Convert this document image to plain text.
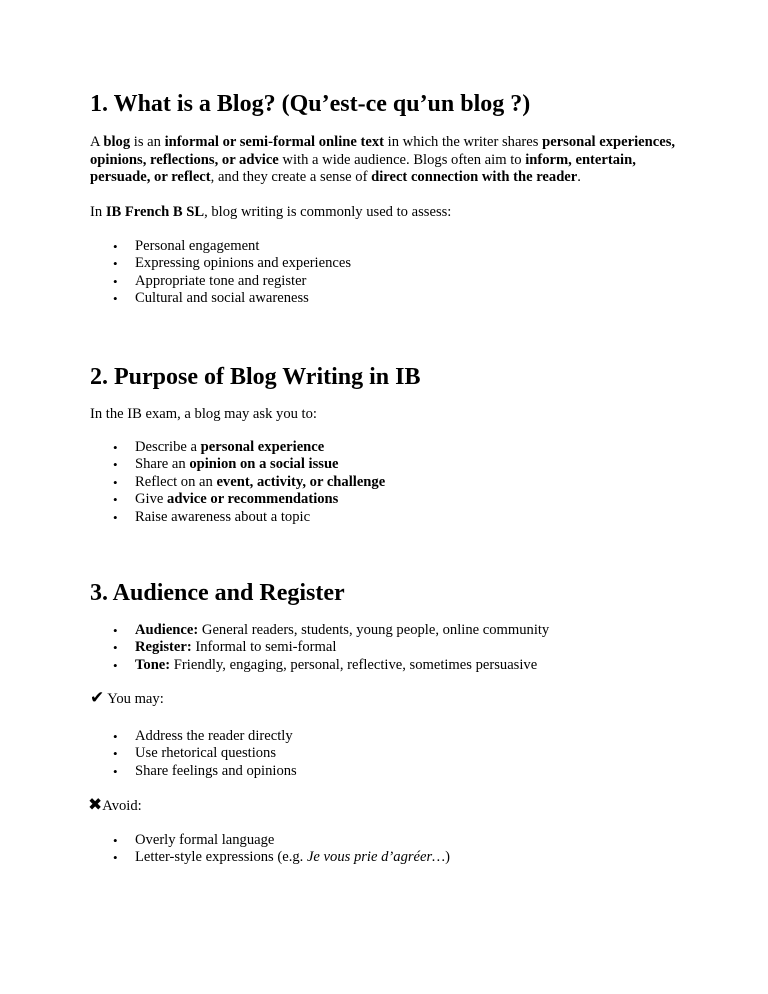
1. What is a Blog? (Qu’est-ce qu’un blog ?)

A blog is an informal or semi-formal online text in which the writer shares personal experiences, opinions, reflections, or advice with a wide audience. Blogs often aim to inform, entertain, persuade, or reflect, and they create a sense of direct connection with the reader.

In IB French B SL, blog writing is commonly used to assess:

• Personal engagement
• Expressing opinions and experiences
• Appropriate tone and register
• Cultural and social awareness
2. Purpose of Blog Writing in IB

In the IB exam, a blog may ask you to:

• Describe a personal experience
• Share an opinion on a social issue
• Reflect on an event, activity, or challenge
• Give advice or recommendations
• Raise awareness about a topic
3. Audience and Register
• Audience: General readers, students, young people, online community
• Register: Informal to semi-formal
• Tone: Friendly, engaging, personal, reflective, sometimes persuasive

✔ You may:

• Address the reader directly
• Use rhetorical questions
• Share feelings and opinions

✖Avoid:

• Overly formal language
• Letter-style expressions (e.g. Je vous prie d’agréer…)
